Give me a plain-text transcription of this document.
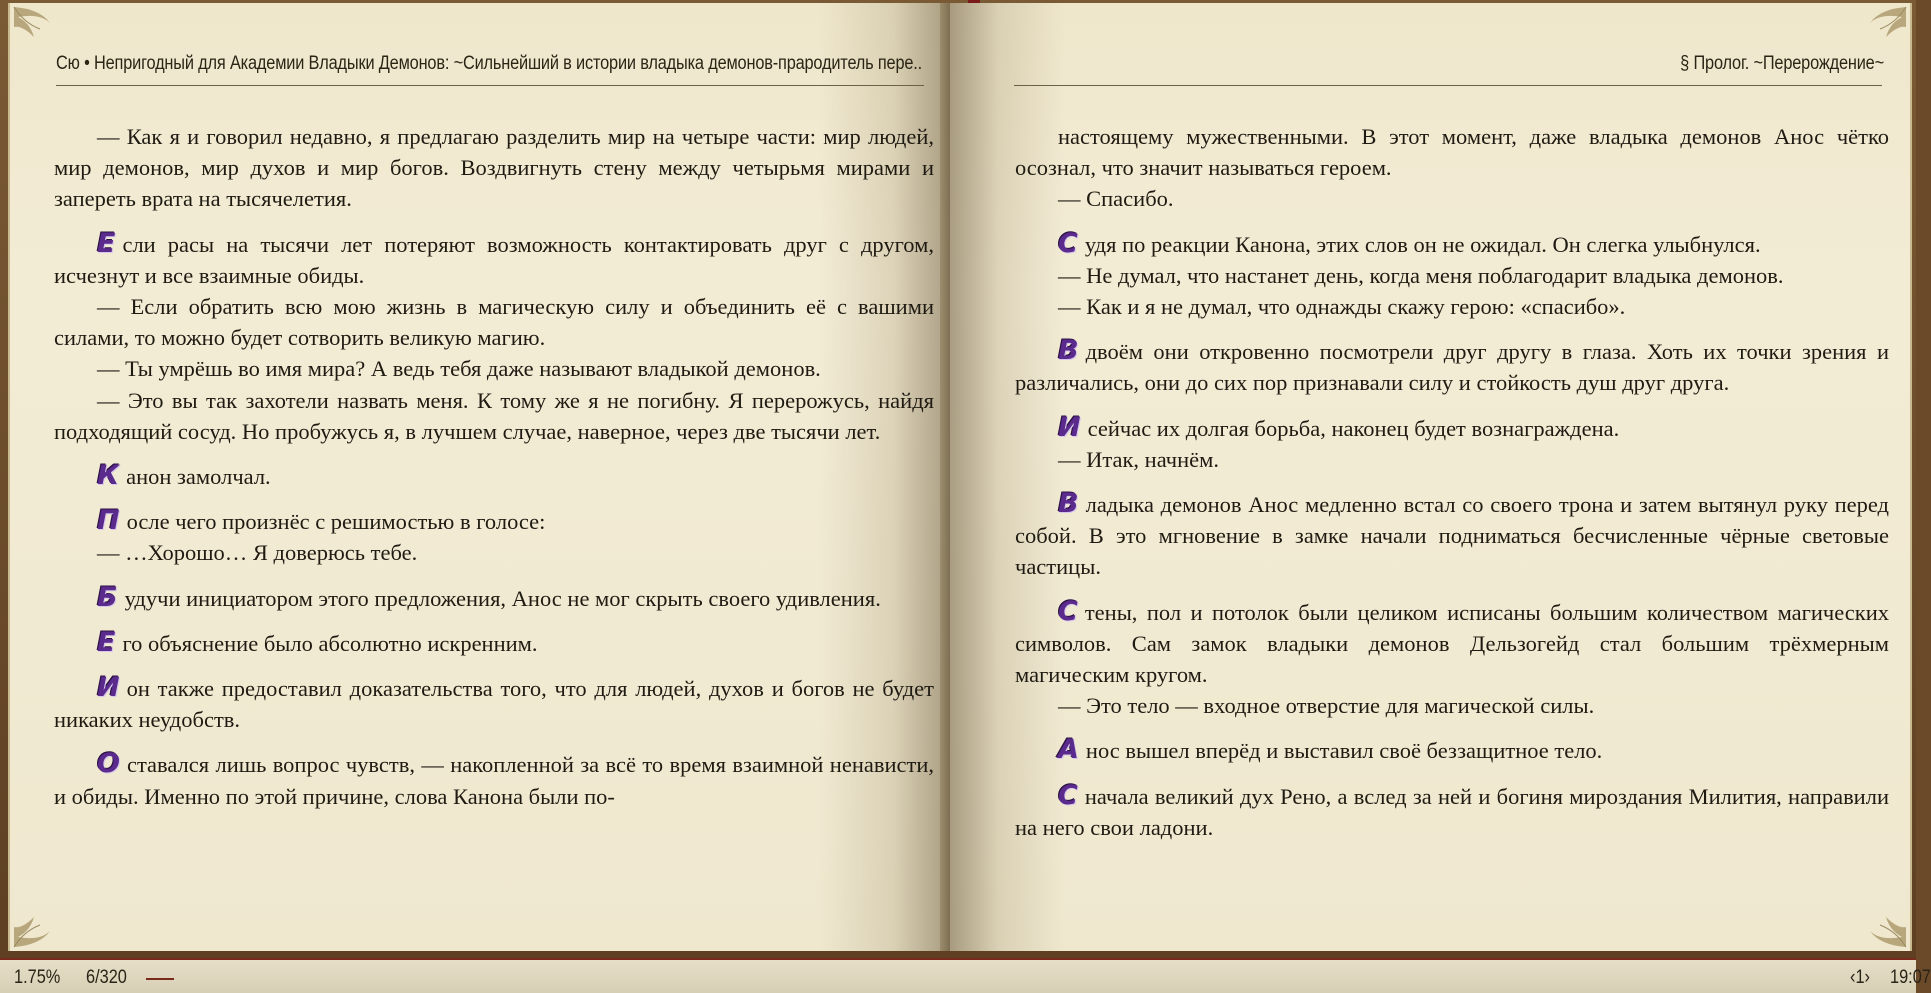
Сю • Непригодный для Академии Владыки Демонов: ~Сильнейший в истории владыка демонов-прародитель пере..

— Как я и говорил недавно, я предлагаю разделить мир на четыре части: мир людей, мир демонов, мир духов и мир богов. Воздвигнуть стену между четырьмя мирами и запереть врата на тысячелетия.

Е сли расы на тысячи лет потеряют возможность контактировать друг с другом, исчезнут и все взаимные обиды.

— Если обратить всю мою жизнь в магическую силу и объединить её с вашими силами, то можно будет сотворить великую магию.

— Ты умрёшь во имя мира? А ведь тебя даже называют владыкой демонов.

— Это вы так захотели назвать меня. К тому же я не погибну. Я перерожусь, найдя подходящий сосуд. Но пробужусь я, в лучшем случае, наверное, через две тысячи лет.

К анон замолчал.

П осле чего произнёс с решимостью в голосе:

— …Хорошо… Я доверюсь тебе.

Б удучи инициатором этого предложения, Анос не мог скрыть своего удивления.

Е го объяснение было абсолютно искренним.

И он также предоставил доказательства того, что для людей, духов и богов не будет никаких неудобств.

О ставался лишь вопрос чувств, — накопленной за всё то время взаимной ненависти, и обиды. Именно по этой причине, слова Канона были по-

§ Пролог. ~Перерождение~

настоящему мужественными. В этот момент, даже владыка демонов Анос чётко осознал, что значит называться героем.

— Спасибо.

С удя по реакции Канона, этих слов он не ожидал. Он слегка улыбнулся.

— Не думал, что настанет день, когда меня поблагодарит владыка демонов.

— Как и я не думал, что однажды скажу герою: «спасибо».

В двоём они откровенно посмотрели друг другу в глаза. Хоть их точки зрения и различались, они до сих пор признавали силу и стойкость душ друг друга.

И сейчас их долгая борьба, наконец будет вознаграждена.

— Итак, начнём.

В ладыка демонов Анос медленно встал со своего трона и затем вытянул руку перед собой. В это мгновение в замке начали подниматься бесчисленные чёрные световые частицы.

С тены, пол и потолок были целиком исписаны большим количеством магических символов. Сам замок владыки демонов Дельзогейд стал большим трёхмерным магическим кругом.

— Это тело — входное отверстие для магической силы.

А нос вышел вперёд и выставил своё беззащитное тело.

С начала великий дух Рено, а вслед за ней и богиня мироздания Милития, направили на него свои ладони.

1.75% 6/320	‹1› 19:07
